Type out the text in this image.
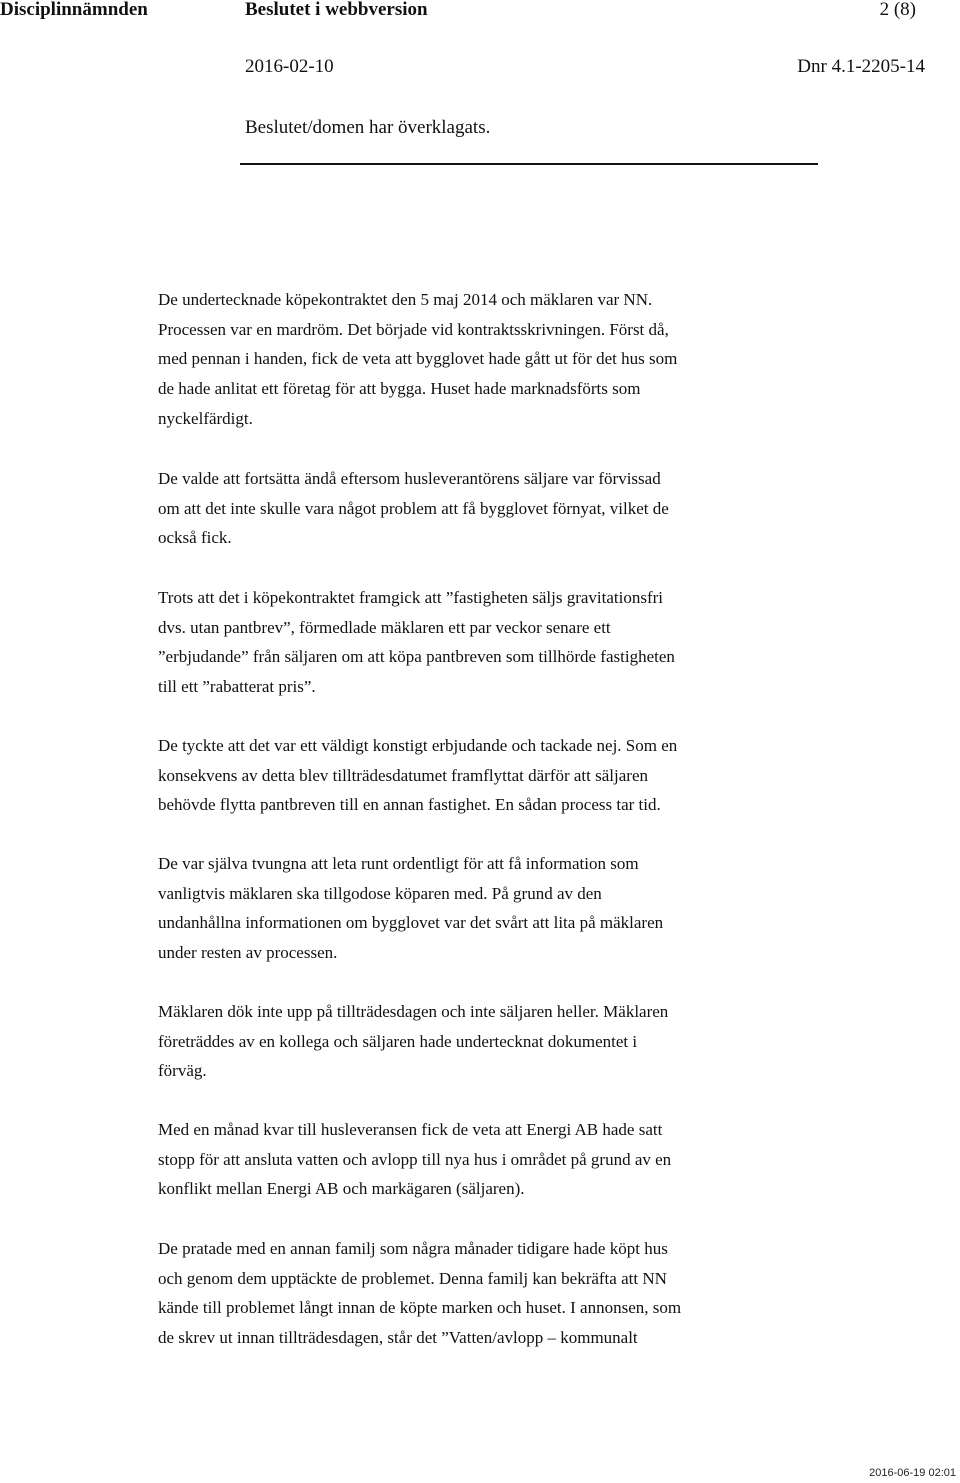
Disciplinnämnden	Beslutet i webbversion	2 (8)
2016-02-10	Dnr 4.1-2205-14
Beslutet/domen har överklagats.

De undertecknade köpekontraktet den 5 maj 2014 och mäklaren var NN.

Processen var en mardröm. Det började vid kontraktsskrivningen. Först då,

med pennan i handen, fick de veta att bygglovet hade gått ut för det hus som

de hade anlitat ett företag för att bygga. Huset hade marknadsförts som

nyckelfärdigt.

De valde att fortsätta ändå eftersom husleverantörens säljare var förvissad

om att det inte skulle vara något problem att få bygglovet förnyat, vilket de

också fick.

Trots att det i köpekontraktet framgick att ”fastigheten säljs gravitationsfri

dvs. utan pantbrev”, förmedlade mäklaren ett par veckor senare ett

”erbjudande” från säljaren om att köpa pantbreven som tillhörde fastigheten

till ett ”rabatterat pris”.

De tyckte att det var ett väldigt konstigt erbjudande och tackade nej. Som en

konsekvens av detta blev tillträdesdatumet framflyttat därför att säljaren

behövde flytta pantbreven till en annan fastighet. En sådan process tar tid.

De var själva tvungna att leta runt ordentligt för att få information som

vanligtvis mäklaren ska tillgodose köparen med. På grund av den

undanhållna informationen om bygglovet var det svårt att lita på mäklaren

under resten av processen.

Mäklaren dök inte upp på tillträdesdagen och inte säljaren heller. Mäklaren

företräddes av en kollega och säljaren hade undertecknat dokumentet i

förväg.

Med en månad kvar till husleveransen fick de veta att Energi AB hade satt

stopp för att ansluta vatten och avlopp till nya hus i området på grund av en

konflikt mellan Energi AB och markägaren (säljaren).

De pratade med en annan familj som några månader tidigare hade köpt hus

och genom dem upptäckte de problemet. Denna familj kan bekräfta att NN

kände till problemet långt innan de köpte marken och huset. I annonsen, som

de skrev ut innan tillträdesdagen, står det ”Vatten/avlopp – kommunalt

2016-06-19 02:01
